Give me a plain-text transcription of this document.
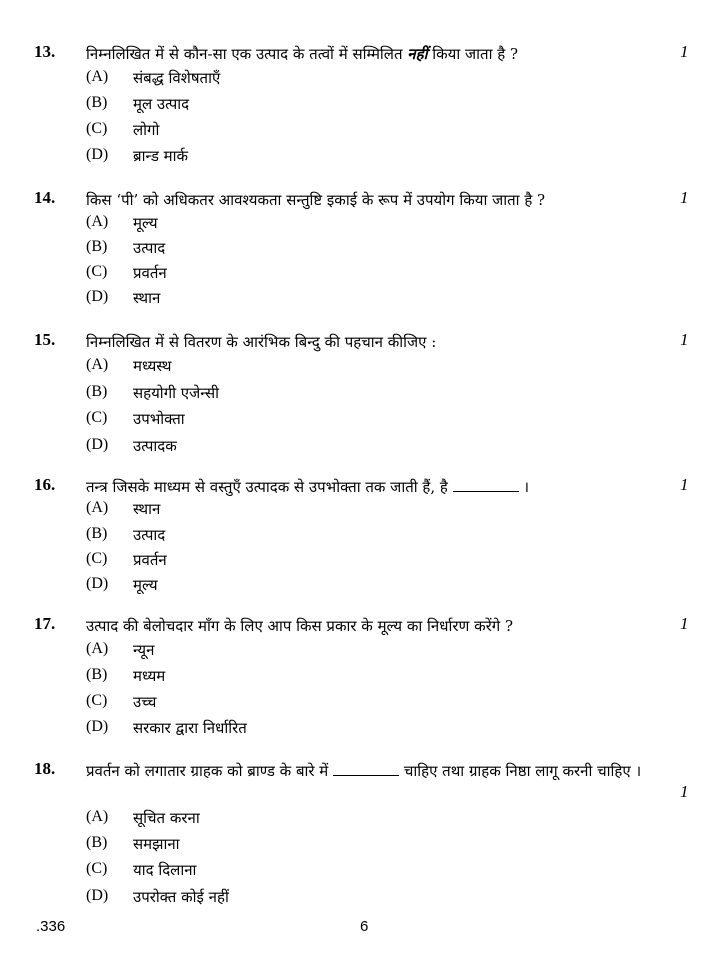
13. निम्नलिखित में से कौन-सा एक उत्पाद के तत्वों में सम्मिलित नहीं किया जाता है ?	1
(A) संबद्ध विशेषताएँ
(B) मूल उत्पाद
(C) लोगो
(D) ब्रान्ड मार्क
14. किस ‘पी’ को अधिकतर आवश्यकता सन्तुष्टि इकाई के रूप में उपयोग किया जाता है ?	1
(A) मूल्य
(B) उत्पाद
(C) प्रवर्तन
(D) स्थान
15. निम्नलिखित में से वितरण के आरंभिक बिन्दु की पहचान कीजिए :	1
(A) मध्यस्थ
(B) सहयोगी एजेन्सी
(C) उपभोक्ता
(D) उत्पादक
16. तन्त्र जिसके माध्यम से वस्तुएँ उत्पादक से उपभोक्ता तक जाती हैं, है	।	1
(A) स्थान
(B) उत्पाद
(C) प्रवर्तन
(D) मूल्य
17. उत्पाद की बेलोचदार माँग के लिए आप किस प्रकार के मूल्य का निर्धारण करेंगे ?	1
(A) न्यून
(B) मध्यम
(C) उच्च
(D) सरकार द्वारा निर्धारित
18. प्रवर्तन को लगातार ग्राहक को ब्राण्ड के बारे में	चाहिए तथा ग्राहक निष्ठा लागू करनी चाहिए ।
1
(A) सूचित करना
(B) समझाना
(C) याद दिलाना
(D) उपरोक्त कोई नहीं
.336	6
